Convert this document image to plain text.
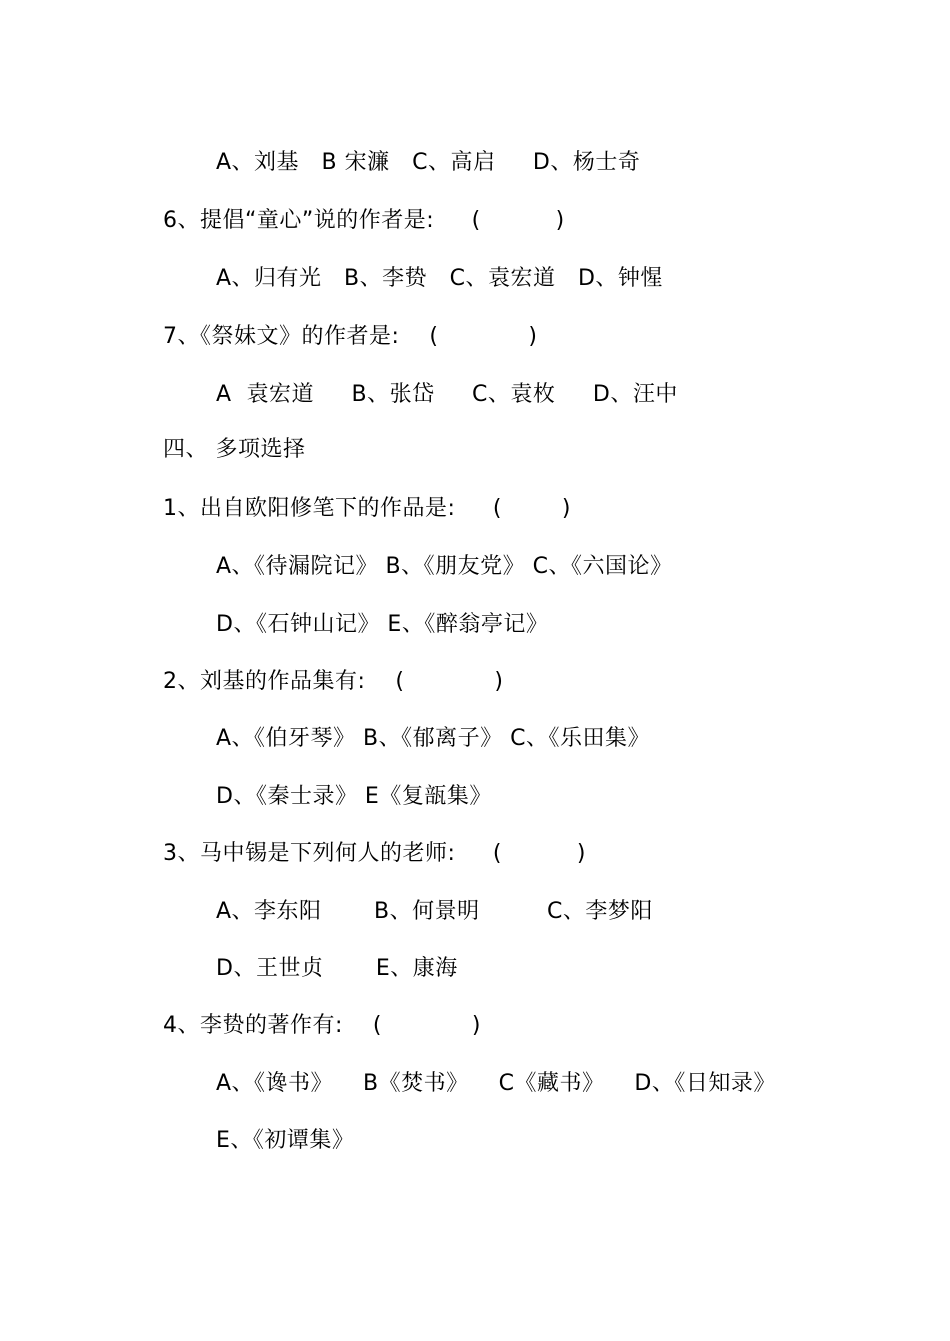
A、刘基   B 宋濂   C、高启     D、杨士奇
6、提倡“童心”说的作者是:     (          )
A、归有光   B、李贽   C、袁宏道   D、钟惺
7、《祭妹文》的作者是:    (            )
A  袁宏道     B、张岱     C、袁枚     D、汪中
四、 多项选择
1、出自欧阳修笔下的作品是:     (        )
A、《待漏院记》 B、《朋友党》 C、《六国论》
D、《石钟山记》 E、《醉翁亭记》
2、刘基的作品集有:    (            )
A、《伯牙琴》 B、《郁离子》 C、《乐田集》
D、《秦士录》 E《复瓿集》
3、马中锡是下列何人的老师:     (          )
A、李东阳       B、何景明         C、李梦阳
D、王世贞       E、康海
4、李贽的著作有:    (            )
A、《谗书》    B《焚书》    C《藏书》    D、《日知录》
E、《初谭集》
